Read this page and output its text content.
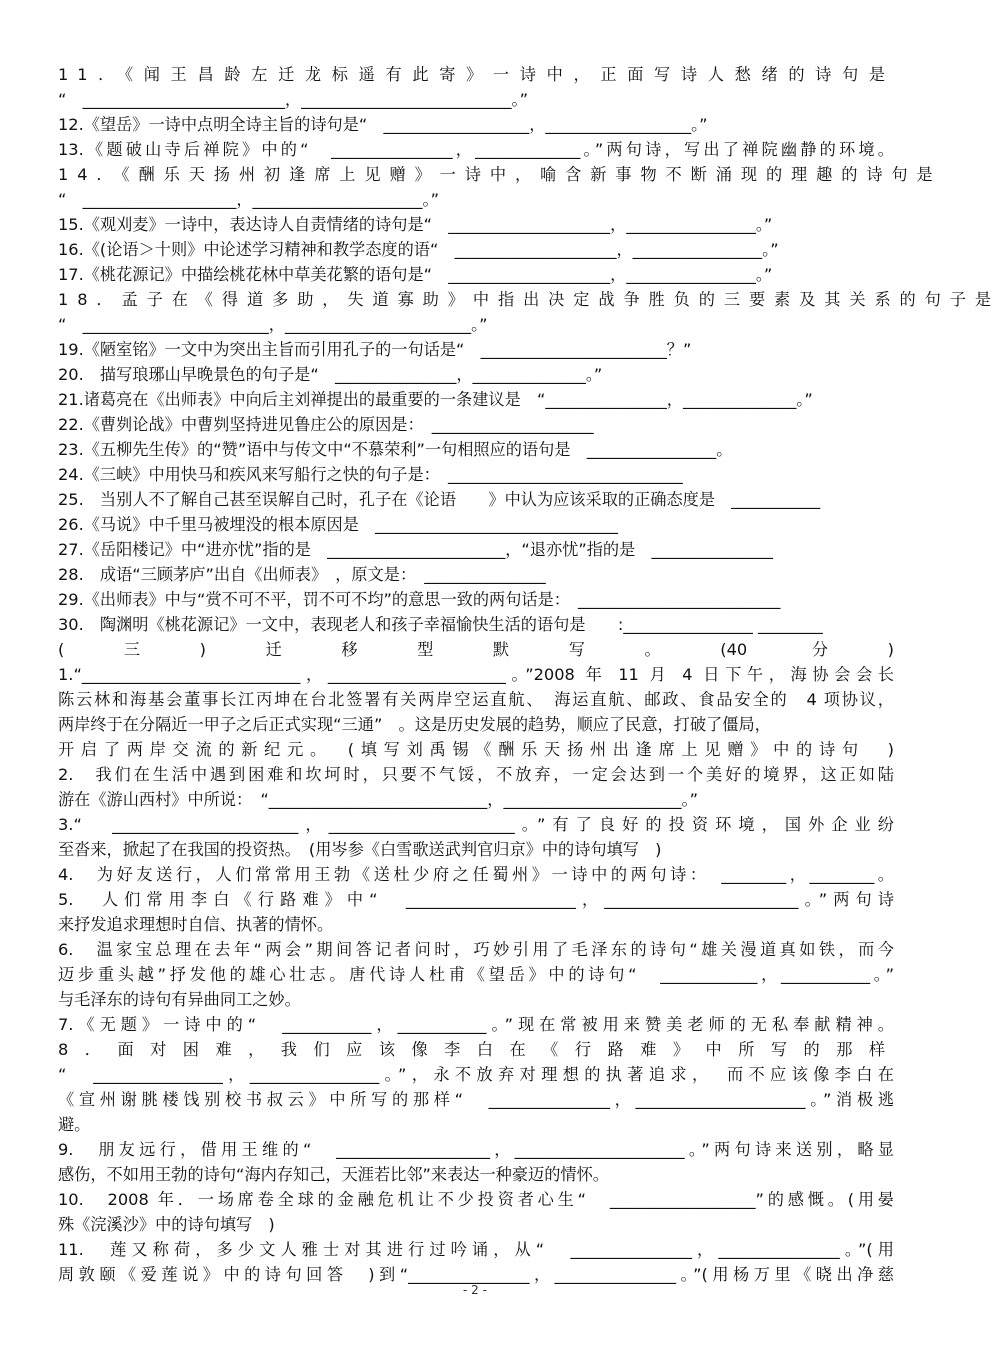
11．《闻王昌龄左迁龙标遥有此寄》一诗中，正面写诗人愁绪的诗句是
“　_________________________，__________________________。”
12.《望岳》一诗中点明全诗主旨的诗句是“　__________________，__________________。”
13.《题破山寺后禅院》中的“　_______________，_____________。”两句诗，写出了禅院幽静的环境。
14．《酬乐天扬州初逢席上见赠》一诗中，喻含新事物不断涌现的理趣的诗句是
“　___________________，_____________________。”
15.《观刈麦》一诗中，表达诗人自责情绪的诗句是“　____________________，________________。”
16.《(论语＞十则》中论述学习精神和教学态度的语“　____________________，________________。”
17.《桃花源记》中描绘桃花林中草美花繁的语句是“　____________________，________________。”
18．孟子在《得道多助，失道寡助》中指出决定战争胜负的三要素及其关系的句子是
“　_______________________，_______________________。”
19.《陋室铭》一文中为突出主旨而引用孔子的一句话是“　_______________________？”
20.　描写琅琊山早晚景色的句子是“　_______________，______________。”
21.诸葛亮在《出师表》中向后主刘禅提出的最重要的一条建议是　“_______________，______________。”
22.《曹刿论战》中曹刿坚持进见鲁庄公的原因是：　____________________
23.《五柳先生传》的“赞”语中与传文中“不慕荣利”一句相照应的语句是　________________。
24.《三峡》中用快马和疾风来写船行之快的句子是：　_____________________________
25.　当别人不了解自己甚至误解自己时，孔子在《论语　　》中认为应该采取的正确态度是　___________
26.《马说》中千里马被埋没的根本原因是　______________________________
27.《岳阳楼记》中“进亦忧”指的是　______________________，“退亦忧”指的是　_______________
28.　成语“三顾茅庐”出自《出师表》　，原文是：　_______________
29.《出师表》中与“赏不可不平，罚不可不均”的意思一致的两句话是：　_________________________
30.　陶渊明《桃花源记》一文中，表现老人和孩子幸福愉快生活的语句是　　:________________ ________
(三)迁移型默写。(40 分)
1.“___________________________，______________________。”2008 年 11 月 4 日下午，海协会会长
陈云林和海基会董事长江丙坤在台北签署有关两岸空运直航、　海运直航、邮政、食品安全的　4 项协议，
两岸终于在分隔近一甲子之后正式实现“三通”　。这是历史发展的趋势，顺应了民意，打破了僵局，
开启了两岸交流的新纪元。　(填写刘禹锡《酬乐天扬州出逢席上见赠》中的诗句　)
2.　我们在生活中遇到困难和坎坷时，只要不气馁，不放弃，一定会达到一个美好的境界，这正如陆
游在《游山西村》中所说：　“___________________________，______________________。”
3.“　_______________________，_______________________。”有了良好的投资环境，国外企业纷
至沓来，掀起了在我国的投资热。　(用岑参《白雪歌送武判官归京》中的诗句填写　)
4.　为好友送行，人们常常用王勃《送杜少府之任蜀州》一诗中的两句诗：　________，________。
5.　人们常用李白《行路难》中“　_____________________，________________________。”两句诗
来抒发追求理想时自信、执著的情怀。
6.　温家宝总理在去年“两会”期间答记者问时，巧妙引用了毛泽东的诗句“雄关漫道真如铁，而今
迈步重头越”抒发他的雄心壮志。唐代诗人杜甫《望岳》中的诗句“　____________，___________。”
与毛泽东的诗句有异曲同工之妙。
7.《无题》一诗中的“　___________，___________。”现在常被用来赞美老师的无私奉献精神。
8．面对困难，我们应该像李白在《行路难》中所写的那样
“　________________，________________。”，永不放弃对理想的执著追求，　而不应该像李白在
《宣州谢朓楼饯别校书叔云》中所写的那样“　_______________，_____________________。”消极逃
避。
9.　朋友远行，借用王维的“　___________________，_____________________。”两句诗来送别，略显
感伤，不如用王勃的诗句“海内存知己，天涯若比邻”来表达一种豪迈的情怀。
10.　2008 年．一场席卷全球的金融危机让不少投资者心生“　__________________”的感慨。(用晏
殊《浣溪沙》中的诗句填写　)
11.　莲又称荷，多少文人雅士对其进行过吟诵，从“　_______________，_______________。”(用
周敦颐《爱莲说》中的诗句回答　)到“_______________，_______________。”(用杨万里《晓出净慈
- 2 -
